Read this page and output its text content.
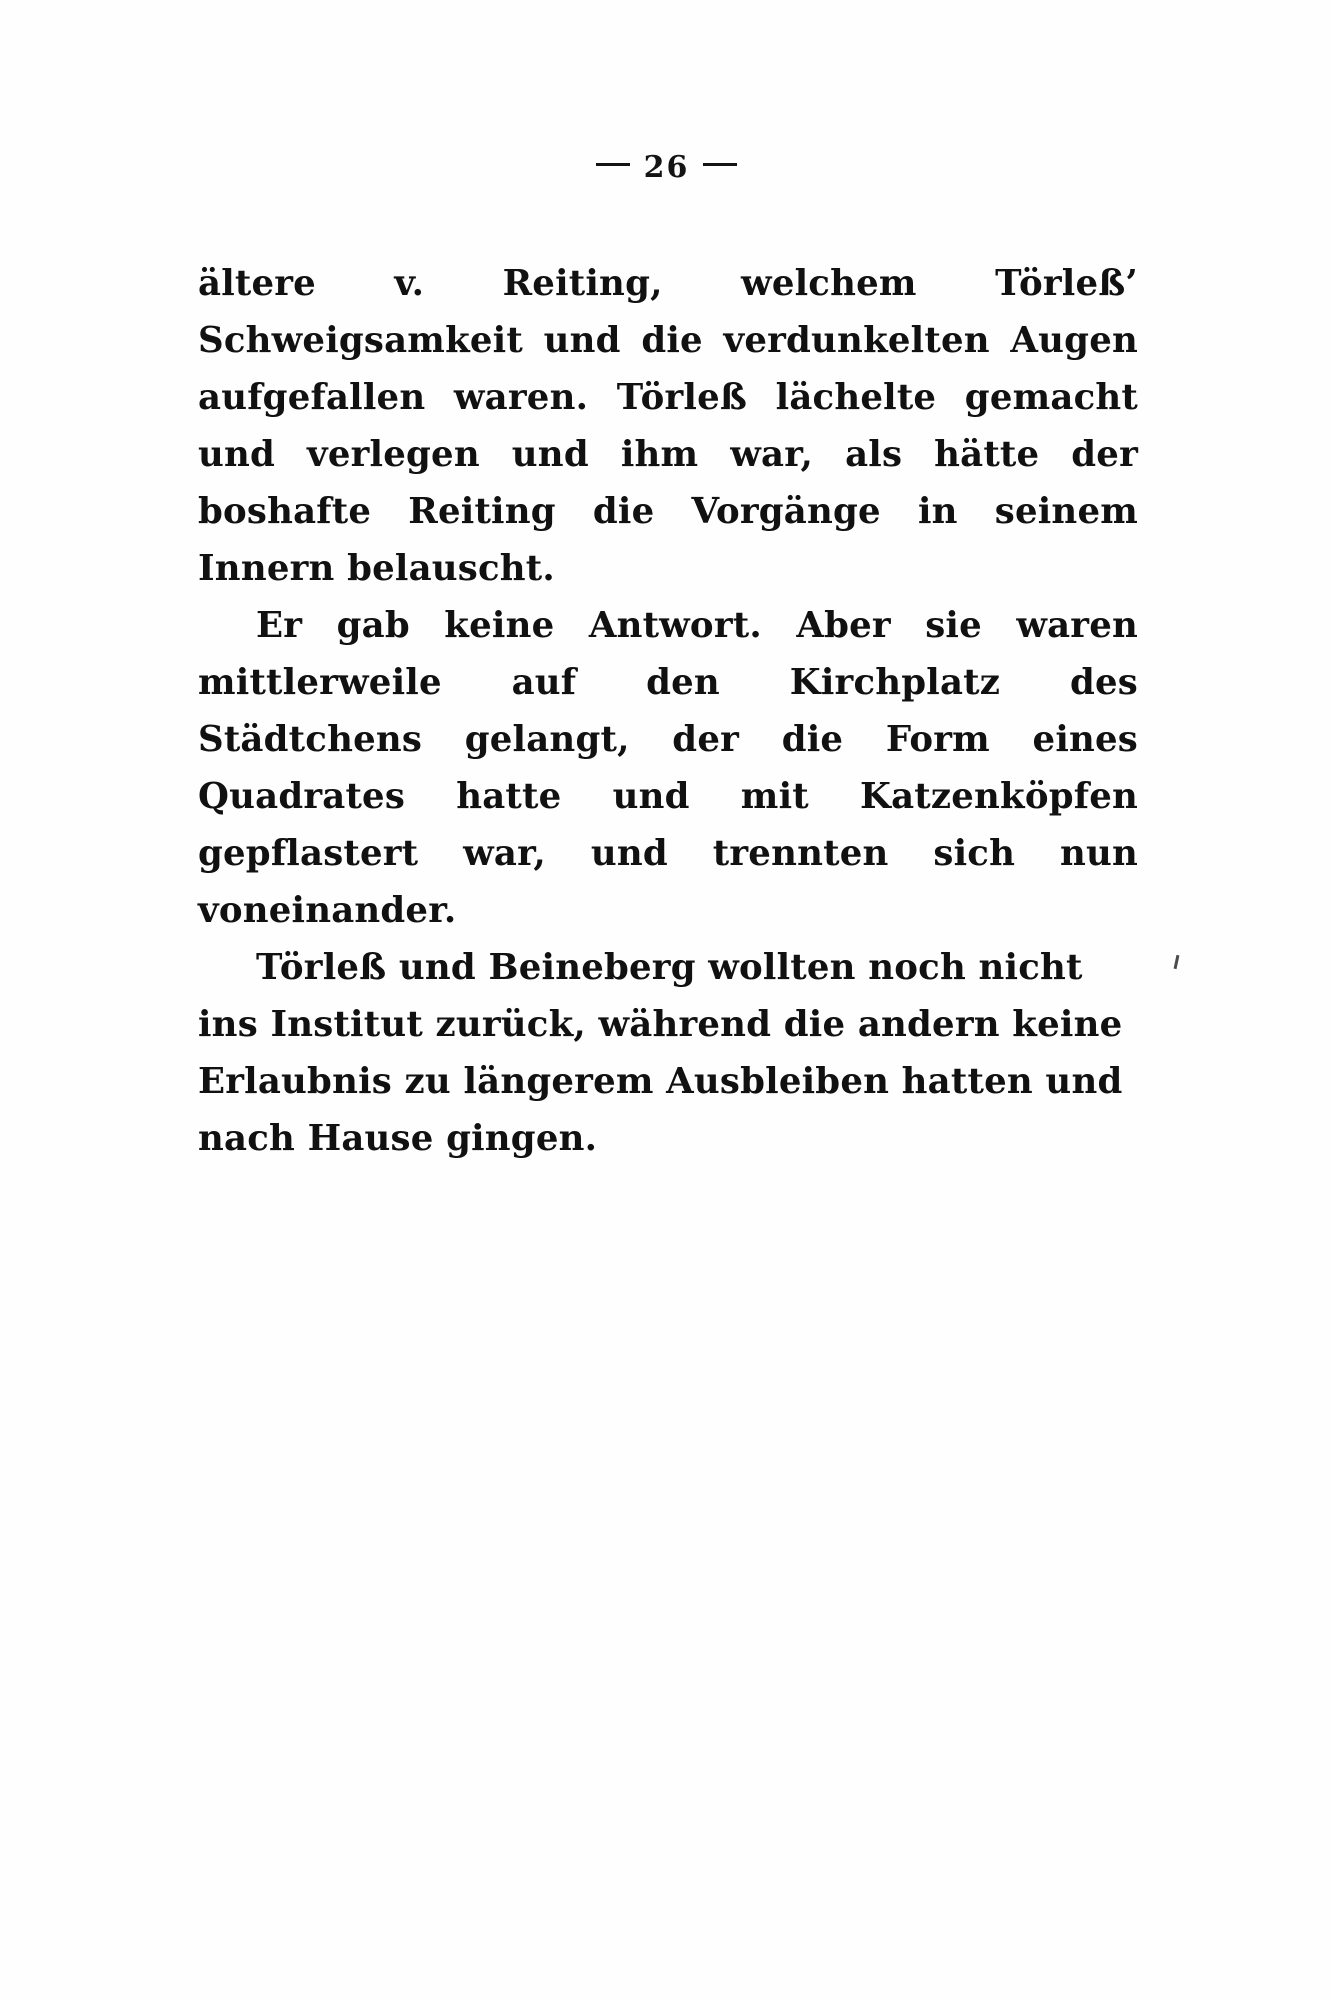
26

ältere v. Reiting, welchem Törleß’ Schweigsamkeit und die verdunkelten Augen aufgefallen waren. Törleß lächelte gemacht und verlegen und ihm war, als hätte der boshafte Reiting die Vorgänge in seinem Innern belauscht.

Er gab keine Antwort. Aber sie waren mittlerweile auf den Kirchplatz des Städtchens gelangt, der die Form eines Quadrates hatte und mit Katzenköpfen gepflastert war, und trennten sich nun voneinander.

Törleß und Beineberg wollten noch nicht ins Institut zurück, während die andern keine Erlaubnis zu längerem Ausbleiben hatten und nach Hause gingen.
